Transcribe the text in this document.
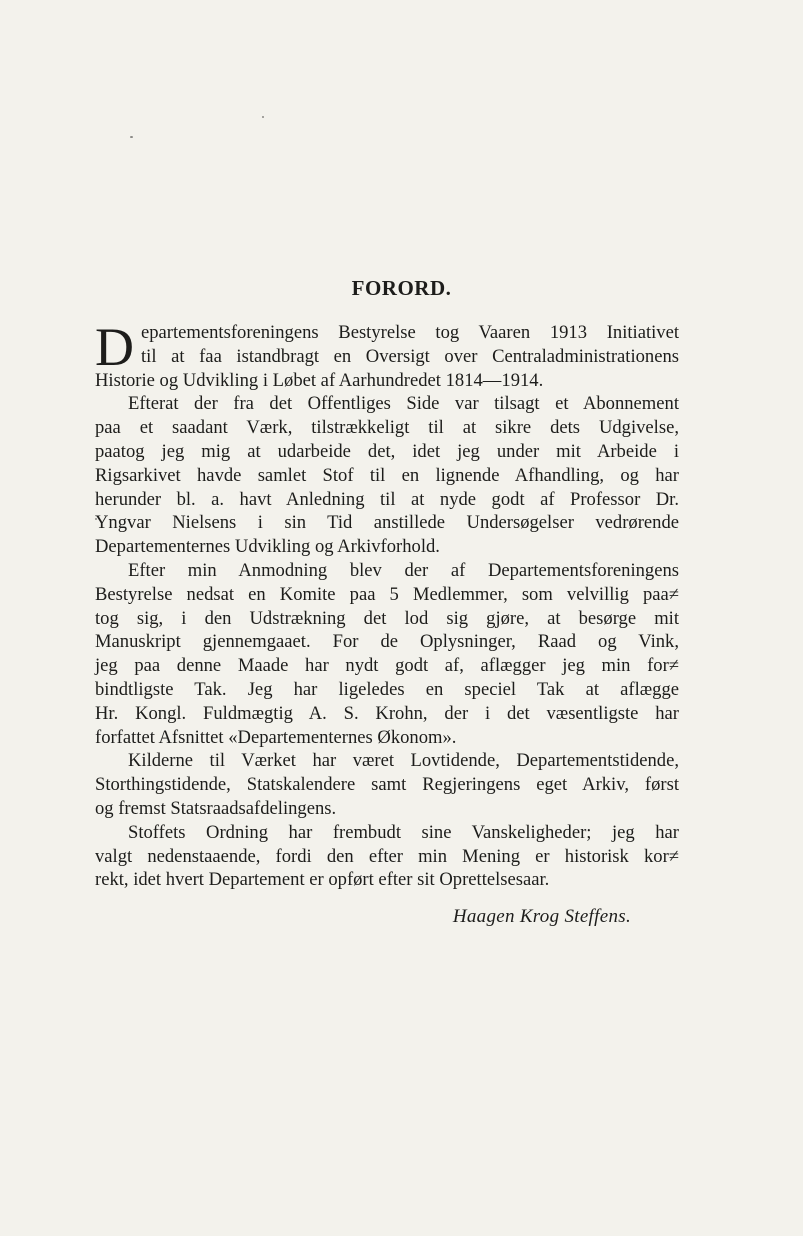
FORORD.
D epartementsforeningens Bestyrelse tog Vaaren 1913 Initiativet
til at faa istandbragt en Oversigt over Centraladministrationens
Historie og Udvikling i Løbet af Aarhundredet 1814—1914.
Efterat der fra det Offentliges Side var tilsagt et Abonnement
paa et saadant Værk, tilstrækkeligt til at sikre dets Udgivelse,
paatog jeg mig at udarbeide det, idet jeg under mit Arbeide i
Rigsarkivet havde samlet Stof til en lignende Afhandling, og har
herunder bl. a. havt Anledning til at nyde godt af Professor Dr.
Yngvar Nielsens i sin Tid anstillede Undersøgelser vedrørende
Departementernes Udvikling og Arkivforhold.
Efter min Anmodning blev der af Departementsforeningens
Bestyrelse nedsat en Komite paa 5 Medlemmer, som velvillig paa≠
tog sig, i den Udstrækning det lod sig gjøre, at besørge mit
Manuskript gjennemgaaet. For de Oplysninger, Raad og Vink,
jeg paa denne Maade har nydt godt af, aflægger jeg min for≠
bindtligste Tak. Jeg har ligeledes en speciel Tak at aflægge
Hr. Kongl. Fuldmægtig A. S. Krohn, der i det væsentligste har
forfattet Afsnittet «Departementernes Økonom».
Kilderne til Værket har været Lovtidende, Departementstidende,
Storthingstidende, Statskalendere samt Regjeringens eget Arkiv, først
og fremst Statsraadsafdelingens.
Stoffets Ordning har frembudt sine Vanskeligheder; jeg har
valgt nedenstaaende, fordi den efter min Mening er historisk kor≠
rekt, idet hvert Departement er opført efter sit Oprettelsesaar.
Haagen Krog Steffens.
